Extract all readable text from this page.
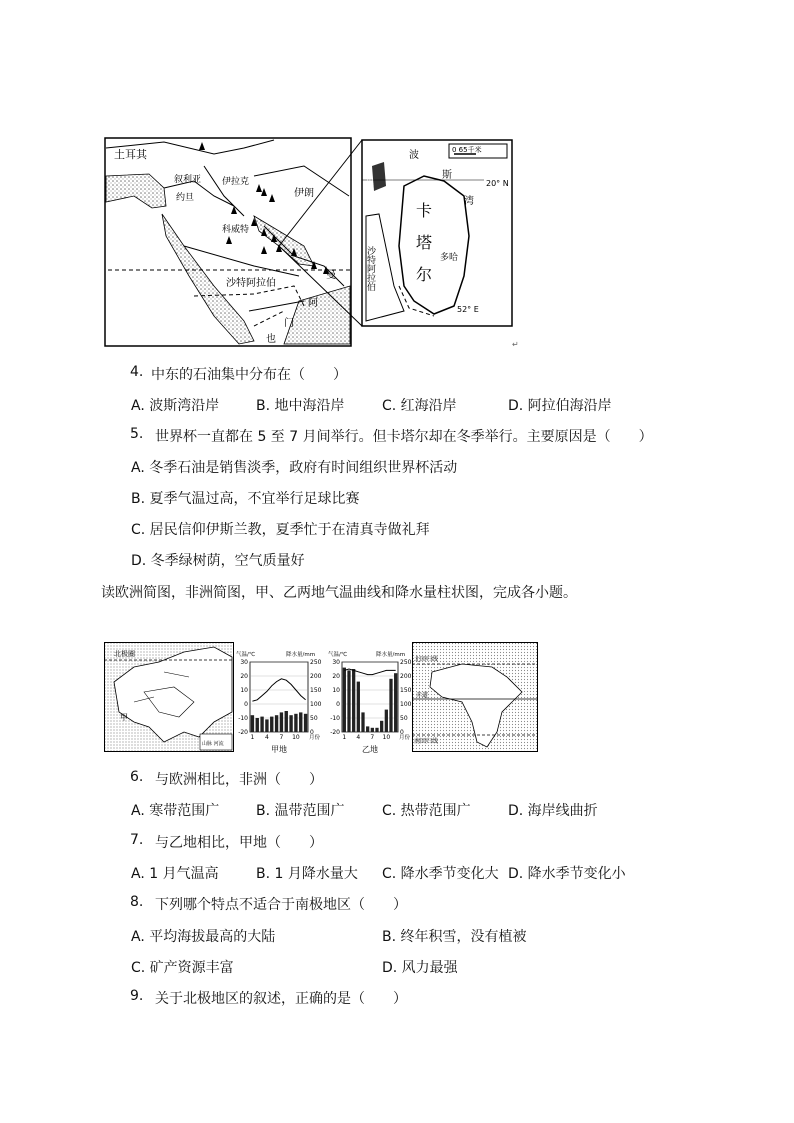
土耳其
叙利亚
约旦
伊拉克
伊朗
科威特
沙特阿拉伯
曼
阿
门
也
0 65千米
20° N
52° E
波
斯
湾
卡
塔
尔
多哈
巴林
沙特阿拉伯
↵
4. 中东的石油集中分布在（　　）
A. 波斯湾沿岸	B. 地中海沿岸	C. 红海沿岸	D. 阿拉伯海沿岸
5. 世界杯一直都在 5 至 7 月间举行。但卡塔尔却在冬季举行。主要原因是（　　）
A. 冬季石油是销售淡季，政府有时间组织世界杯活动
B. 夏季气温过高，不宜举行足球比赛
C. 居民信仰伊斯兰教，夏季忙于在清真寺做礼拜
D. 冬季绿树荫，空气质量好
读欧洲简图，非洲简图，甲、乙两地气温曲线和降水量柱状图，完成各小题。
北极圈
甲
山脉 河流
气温/℃	降水量/mm
-20
-10
0
10
20
30
0
50
100
150
200
250
1 4 7 10 月份
甲地
气温/℃	降水量/mm
-20
-10
0
10
20
30
0
50
100
150
200
250
1 4 7 10 月份
乙地
北回归线
赤道
南回归线
6. 与欧洲相比，非洲（　　）
A. 寒带范围广	B. 温带范围广	C. 热带范围广	D. 海岸线曲折
7. 与乙地相比，甲地（　　）
A. 1 月气温高	B. 1 月降水量大 C. 降水季节变化大 D. 降水季节变化小
8. 下列哪个特点不适合于南极地区（　　）
A. 平均海拔最高的大陆	B. 终年积雪，没有植被
C. 矿产资源丰富	D. 风力最强
9. 关于北极地区的叙述，正确的是（　　）
